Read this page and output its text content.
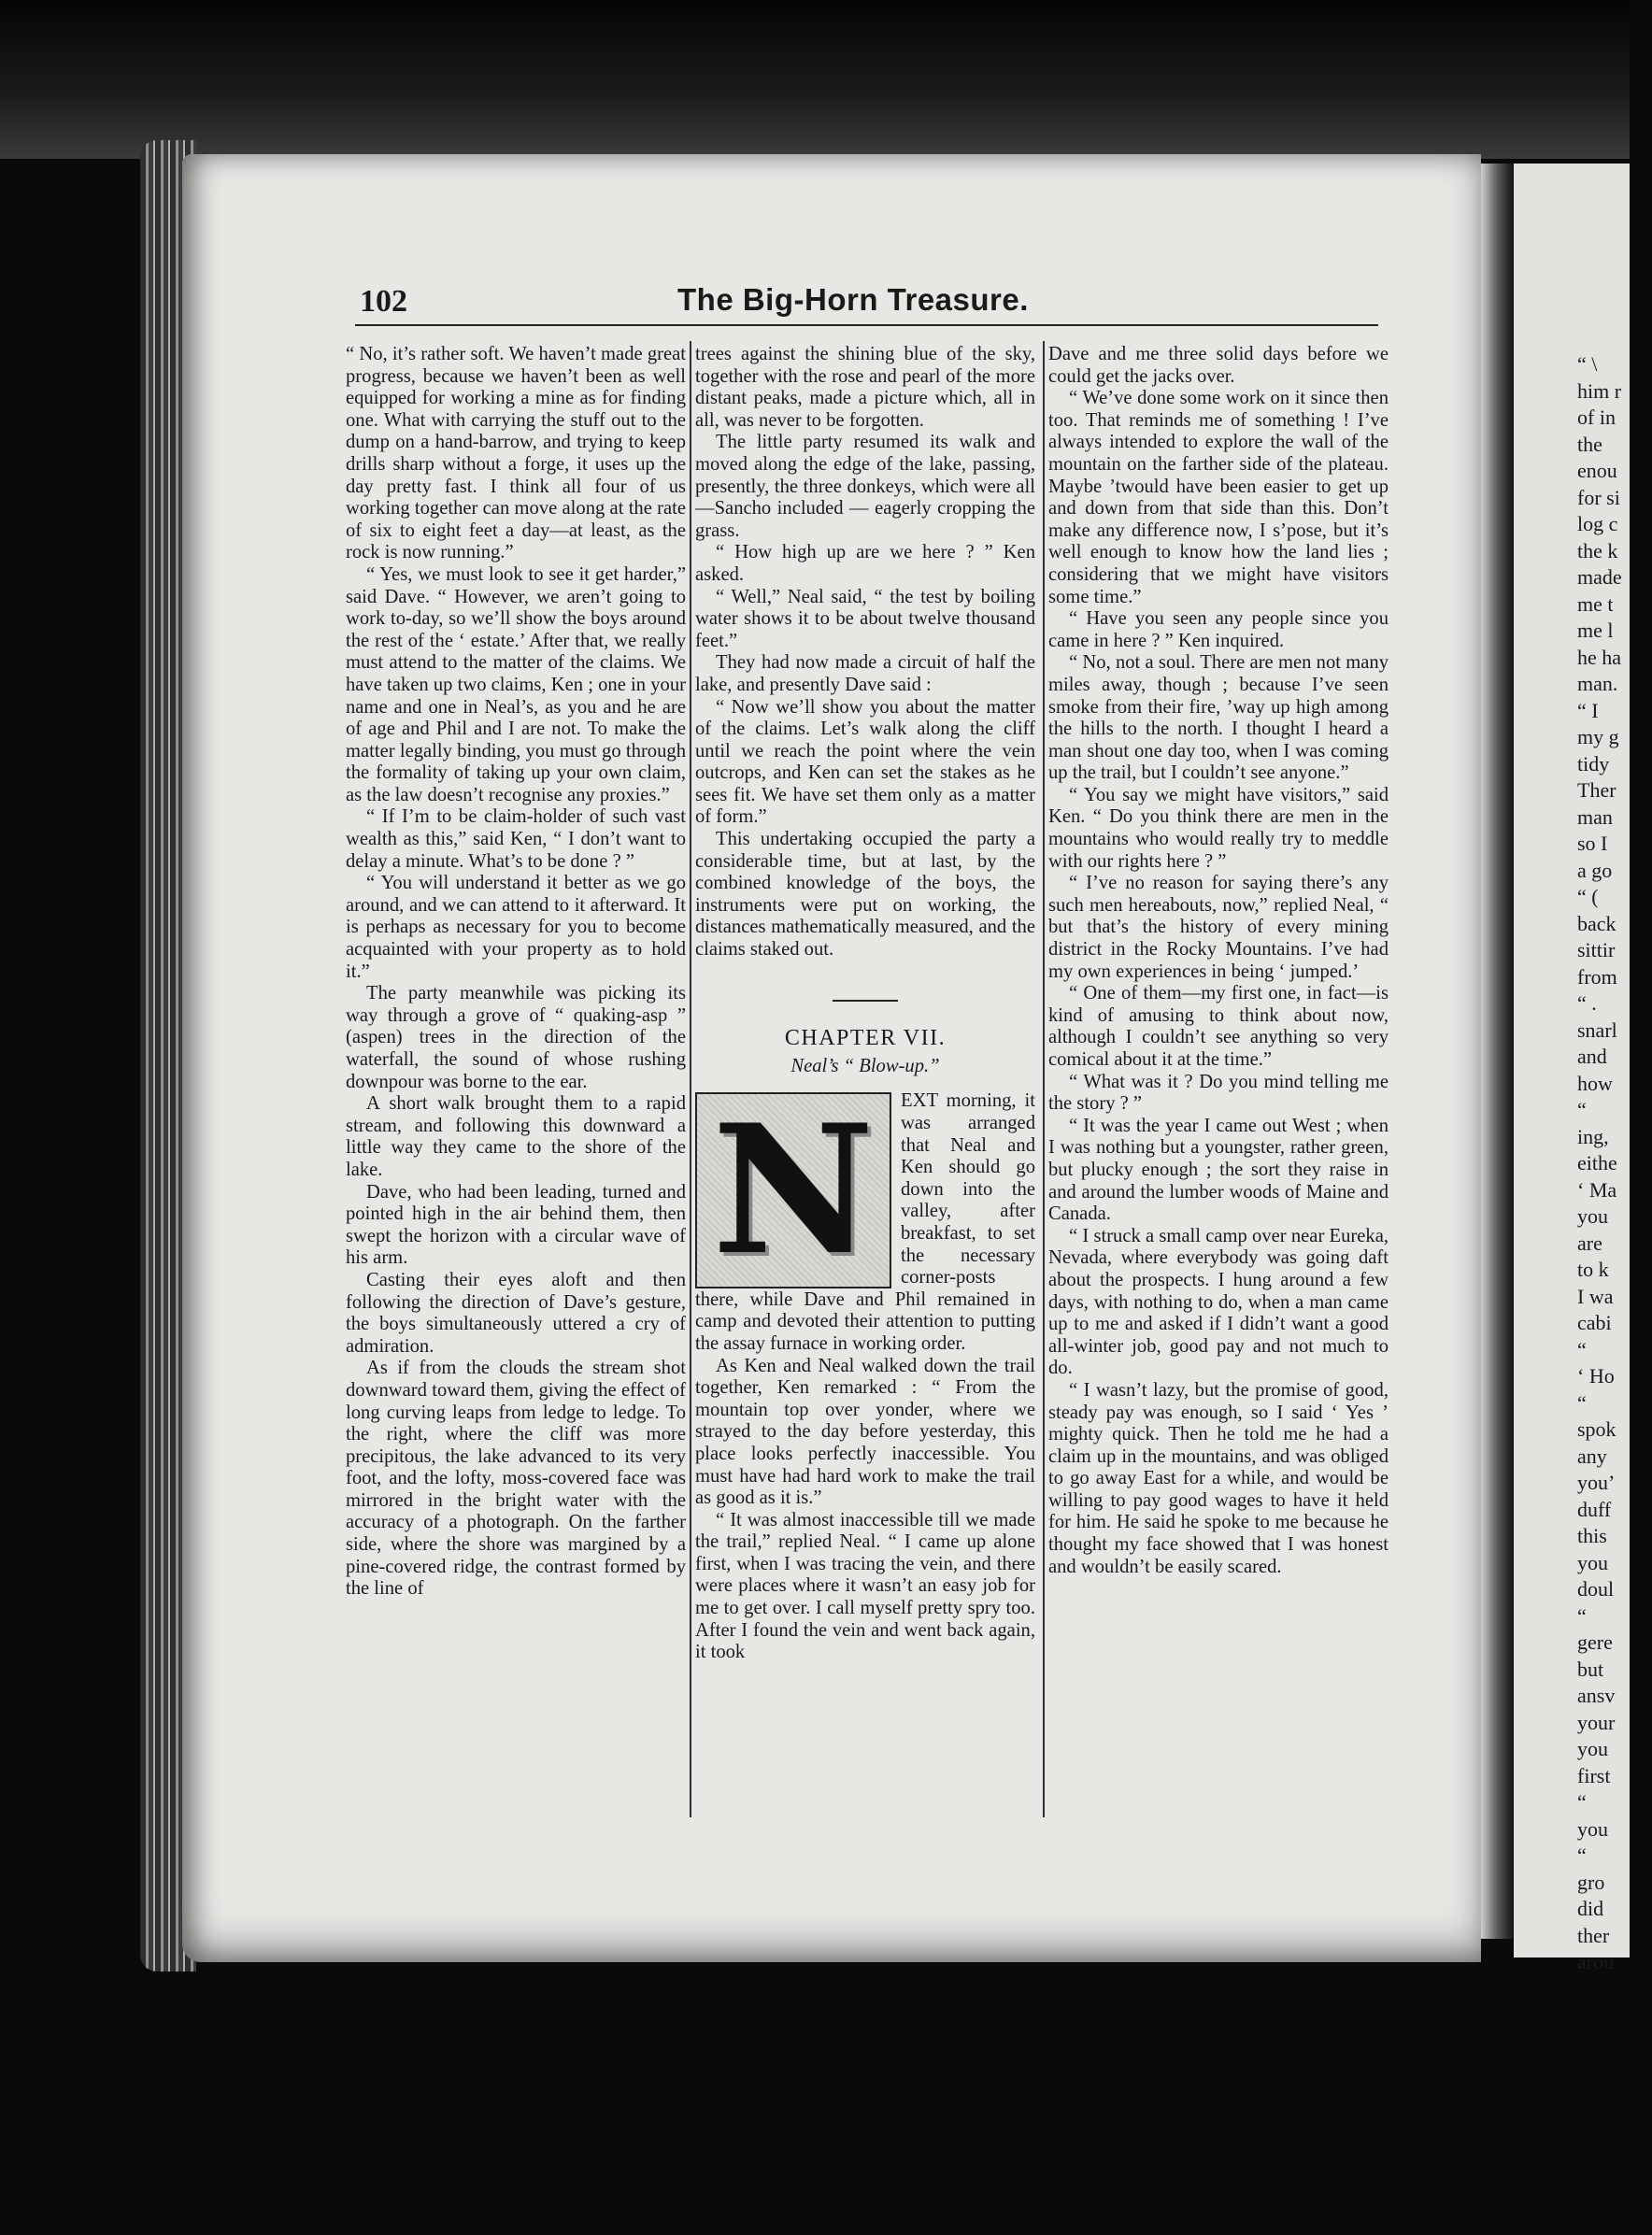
“ \
him r
of in
the
enou
for si
log c
the k
made
me t
me l
he ha
man.
“ I
my g
tidy
Ther
man
so I
a go
“ (
back
sittir
from
“ .
snarl
and
how
“
ing,
eithe
‘ Ma
you
are
to k
I wa
cabi
“
‘ Ho
“
spok
any
you’
duff
this
you
doul
“
gere
but
ansv
your
you
first
“
you
“
gro
did
ther
arou
102	The Big-Horn Treasure.

“ No, it’s rather soft. We haven’t made great progress, because we haven’t been as well equipped for working a mine as for finding one. What with carrying the stuff out to the dump on a hand-barrow, and trying to keep drills sharp without a forge, it uses up the day pretty fast. I think all four of us working together can move along at the rate of six to eight feet a day—at least, as the rock is now running.”

“ Yes, we must look to see it get harder,” said Dave. “ However, we aren’t going to work to-day, so we’ll show the boys around the rest of the ‘ estate.’ After that, we really must attend to the matter of the claims. We have taken up two claims, Ken ; one in your name and one in Neal’s, as you and he are of age and Phil and I are not. To make the matter legally binding, you must go through the formality of taking up your own claim, as the law doesn’t recognise any proxies.”

“ If I’m to be claim-holder of such vast wealth as this,” said Ken, “ I don’t want to delay a minute. What’s to be done ? ”

“ You will understand it better as we go around, and we can attend to it afterward. It is perhaps as necessary for you to become acquainted with your property as to hold it.”

The party meanwhile was picking its way through a grove of “ quaking-asp ” (aspen) trees in the direction of the waterfall, the sound of whose rushing downpour was borne to the ear.

A short walk brought them to a rapid stream, and following this downward a little way they came to the shore of the lake.

Dave, who had been leading, turned and pointed high in the air behind them, then swept the horizon with a circular wave of his arm.

Casting their eyes aloft and then following the direction of Dave’s gesture, the boys simultaneously uttered a cry of admiration.

As if from the clouds the stream shot downward toward them, giving the effect of long curving leaps from ledge to ledge. To the right, where the cliff was more precipitous, the lake advanced to its very foot, and the lofty, moss-covered face was mirrored in the bright water with the accuracy of a photograph. On the farther side, where the shore was margined by a pine-covered ridge, the contrast formed by the line of

trees against the shining blue of the sky, together with the rose and pearl of the more distant peaks, made a picture which, all in all, was never to be forgotten.

The little party resumed its walk and moved along the edge of the lake, passing, presently, the three donkeys, which were all—Sancho included — eagerly cropping the grass.

“ How high up are we here ? ” Ken asked.

“ Well,” Neal said, “ the test by boiling water shows it to be about twelve thousand feet.”

They had now made a circuit of half the lake, and presently Dave said :

“ Now we’ll show you about the matter of the claims. Let’s walk along the cliff until we reach the point where the vein outcrops, and Ken can set the stakes as he sees fit. We have set them only as a matter of form.”

This undertaking occupied the party a considerable time, but at last, by the combined knowledge of the boys, the instruments were put on working, the distances mathematically measured, and the claims staked out.

CHAPTER VII.
Neal’s “ Blow-up.”
N	EXT morning, it was arranged that Neal and Ken should go down into the valley, after breakfast, to set the necessary corner-posts there, while Dave and Phil remained in camp and devoted their attention to putting the assay furnace in working order.

As Ken and Neal walked down the trail together, Ken remarked : “ From the mountain top over yonder, where we strayed to the day before yesterday, this place looks perfectly inaccessible. You must have had hard work to make the trail as good as it is.”

“ It was almost inaccessible till we made the trail,” replied Neal. “ I came up alone first, when I was tracing the vein, and there were places where it wasn’t an easy job for me to get over. I call myself pretty spry too. After I found the vein and went back again, it took

Dave and me three solid days before we could get the jacks over.

“ We’ve done some work on it since then too. That reminds me of something ! I’ve always intended to explore the wall of the mountain on the farther side of the plateau. Maybe ’twould have been easier to get up and down from that side than this. Don’t make any difference now, I s’pose, but it’s well enough to know how the land lies ; considering that we might have visitors some time.”

“ Have you seen any people since you came in here ? ” Ken inquired.

“ No, not a soul. There are men not many miles away, though ; because I’ve seen smoke from their fire, ’way up high among the hills to the north. I thought I heard a man shout one day too, when I was coming up the trail, but I couldn’t see anyone.”

“ You say we might have visitors,” said Ken. “ Do you think there are men in the mountains who would really try to meddle with our rights here ? ”

“ I’ve no reason for saying there’s any such men hereabouts, now,” replied Neal, “ but that’s the history of every mining district in the Rocky Mountains. I’ve had my own experiences in being ‘ jumped.’

“ One of them—my first one, in fact—is kind of amusing to think about now, although I couldn’t see anything so very comical about it at the time.”

“ What was it ? Do you mind telling me the story ? ”

“ It was the year I came out West ; when I was nothing but a youngster, rather green, but plucky enough ; the sort they raise in and around the lumber woods of Maine and Canada.

“ I struck a small camp over near Eureka, Nevada, where everybody was going daft about the prospects. I hung around a few days, with nothing to do, when a man came up to me and asked if I didn’t want a good all-winter job, good pay and not much to do.

“ I wasn’t lazy, but the promise of good, steady pay was enough, so I said ‘ Yes ’ mighty quick. Then he told me he had a claim up in the mountains, and was obliged to go away East for a while, and would be willing to pay good wages to have it held for him. He said he spoke to me because he thought my face showed that I was honest and wouldn’t be easily scared.
